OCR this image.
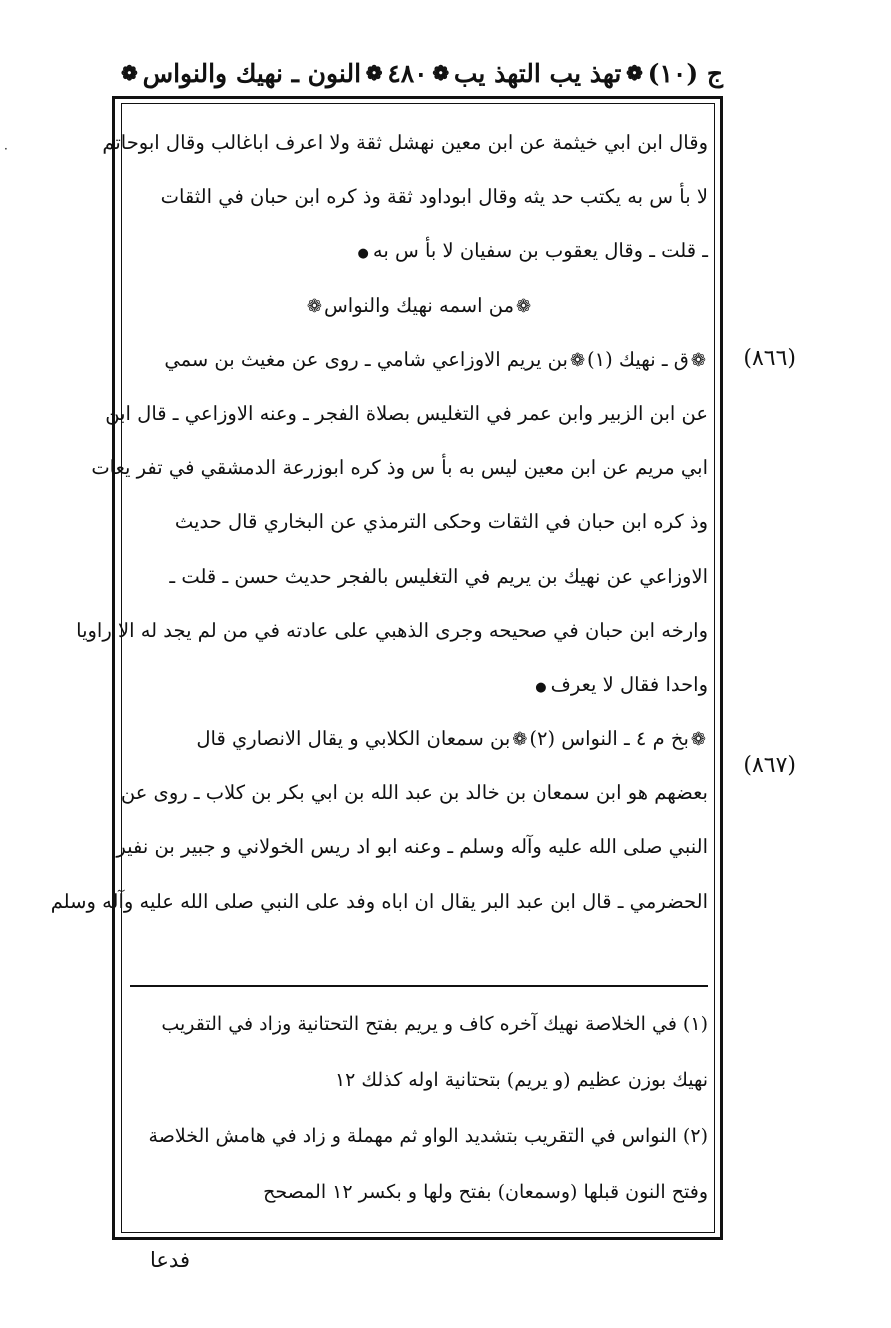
·
ج (١٠)
❁
تهذ يب التهذ يب
❁
٤٨٠
❁
النون ـ نهيك والنواس
❁
(٨٦٦)
(٨٦٧)
وقال ابن ابي خيثمة عن ابن معين نهشل ثقة ولا اعرف اباغالب وقال ابوحاتم
لا بأ س به يكتب حد يثه وقال ابوداود ثقة وذ كره ابن حبان في الثقات
ـ قلت ـ وقال يعقوب بن سفيان لا بأ س به●
❁من اسمه نهيك والنواس❁
❁ق ـ نهيك (١)❁بن يريم الاوزاعي شامي ـ روى عن مغيث بن سمي
عن ابن الزبير وابن عمر في التغليس بصلاة الفجر ـ وعنه الاوزاعي ـ قال ابن
ابي مريم عن ابن معين ليس به بأ س وذ كره ابوزرعة الدمشقي في تفر يعات
وذ كره ابن حبان في الثقات وحكى الترمذي عن البخاري قال حديث
الاوزاعي عن نهيك بن يريم في التغليس بالفجر حديث حسن ـ قلت ـ
وارخه ابن حبان في صحيحه وجرى الذهبي على عادته في من لم يجد له الا راويا
واحدا فقال لا يعرف●
❁بخ م ٤ ـ النواس (٢)❁بن سمعان الكلابي و يقال الانصاري قال
بعضهم هو ابن سمعان بن خالد بن عبد الله بن ابي بكر بن كلاب ـ روى عن
النبي صلى الله عليه وآله وسلم ـ وعنه ابو اد ريس الخولاني و جبير بن نفير
الحضرمي ـ قال ابن عبد البر يقال ان اباه وفد على النبي صلى الله عليه وآله وسلم
(١) في الخلاصة نهيك آخره كاف و يريم بفتح التحتانية وزاد في التقريب
نهيك بوزن عظيم (و يريم) بتحتانية اوله كذلك ١٢
(٢) النواس في التقريب بتشديد الواو ثم مهملة و زاد في هامش الخلاصة
وفتح النون قبلها (وسمعان) بفتح ولها و بكسر ١٢ المصحح
فدعا
